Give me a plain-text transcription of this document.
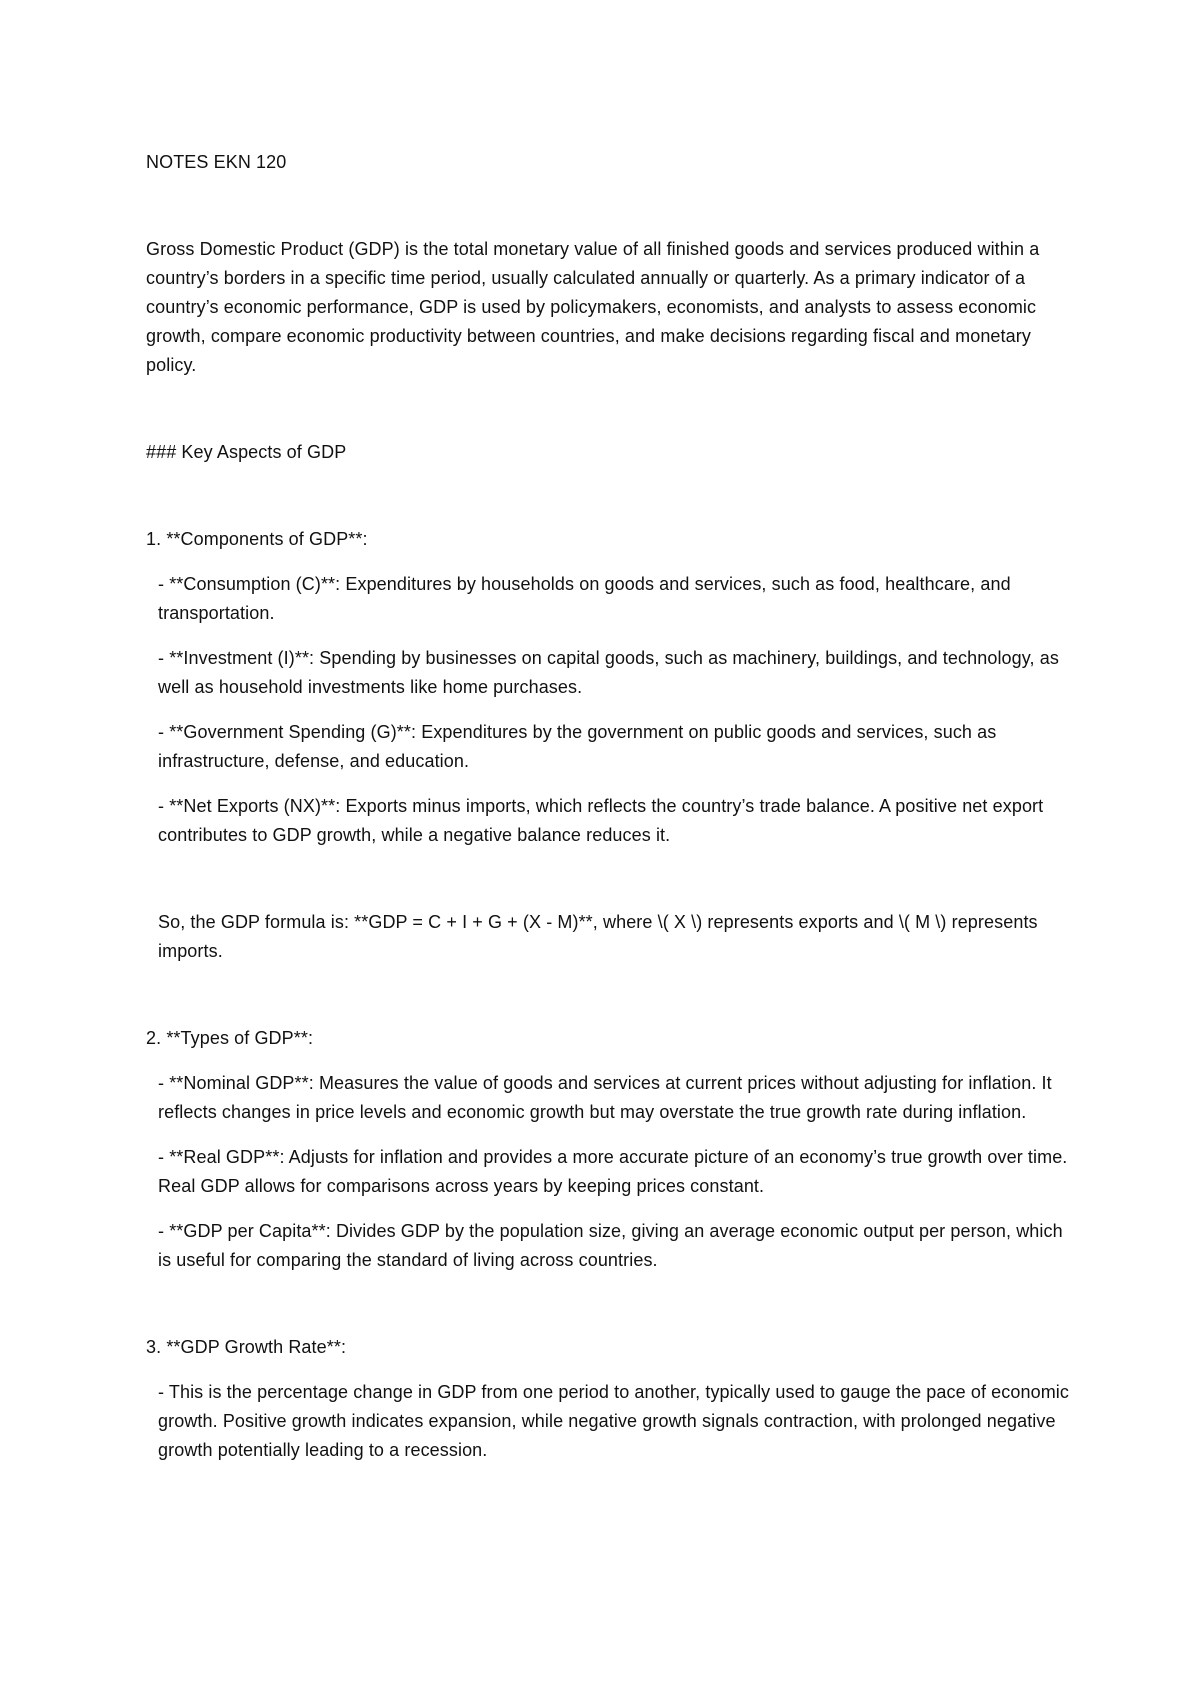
NOTES EKN 120

Gross Domestic Product (GDP) is the total monetary value of all finished goods and services produced within a country’s borders in a specific time period, usually calculated annually or quarterly. As a primary indicator of a country’s economic performance, GDP is used by policymakers, economists, and analysts to assess economic growth, compare economic productivity between countries, and make decisions regarding fiscal and monetary policy.

### Key Aspects of GDP

1. **Components of GDP**:

- **Consumption (C)**: Expenditures by households on goods and services, such as food, healthcare, and transportation.

- **Investment (I)**: Spending by businesses on capital goods, such as machinery, buildings, and technology, as well as household investments like home purchases.

- **Government Spending (G)**: Expenditures by the government on public goods and services, such as infrastructure, defense, and education.

- **Net Exports (NX)**: Exports minus imports, which reflects the country’s trade balance. A positive net export contributes to GDP growth, while a negative balance reduces it.

So, the GDP formula is: **GDP = C + I + G + (X - M)**, where \( X \) represents exports and \( M \) represents imports.

2. **Types of GDP**:

- **Nominal GDP**: Measures the value of goods and services at current prices without adjusting for inflation. It reflects changes in price levels and economic growth but may overstate the true growth rate during inflation.

- **Real GDP**: Adjusts for inflation and provides a more accurate picture of an economy’s true growth over time. Real GDP allows for comparisons across years by keeping prices constant.

- **GDP per Capita**: Divides GDP by the population size, giving an average economic output per person, which is useful for comparing the standard of living across countries.

3. **GDP Growth Rate**:

- This is the percentage change in GDP from one period to another, typically used to gauge the pace of economic growth. Positive growth indicates expansion, while negative growth signals contraction, with prolonged negative growth potentially leading to a recession.
